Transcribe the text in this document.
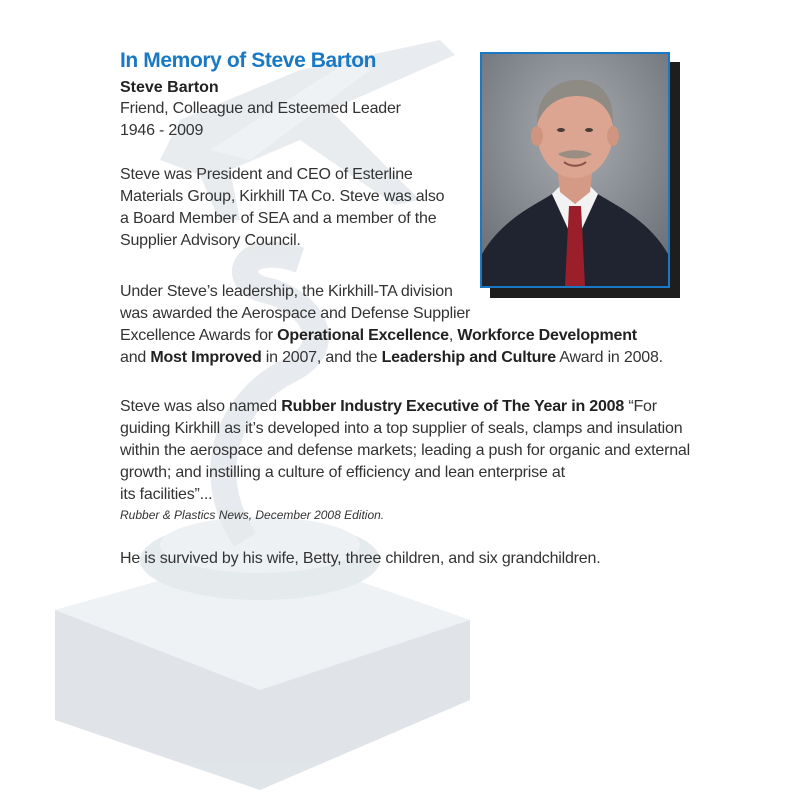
In Memory of Steve Barton
Steve Barton
Friend, Colleague and Esteemed Leader
1946 - 2009
Steve was President and CEO of Esterline
Materials Group, Kirkhill TA Co. Steve was also
a Board Member of SEA and a member of the
Supplier Advisory Council.
Under Steve’s leadership, the Kirkhill-TA division
was awarded the Aerospace and Defense Supplier
Excellence Awards for Operational Excellence, Workforce Development
and Most Improved in 2007, and the Leadership and Culture Award in 2008.
Steve was also named Rubber Industry Executive of The Year in 2008 “For
guiding Kirkhill as it’s developed into a top supplier of seals, clamps and insulation
within the aerospace and defense markets; leading a push for organic and external
growth; and instilling a culture of efficiency and lean enterprise at
its facilities”...
Rubber & Plastics News, December 2008 Edition.
He is survived by his wife, Betty, three children, and six grandchildren.
